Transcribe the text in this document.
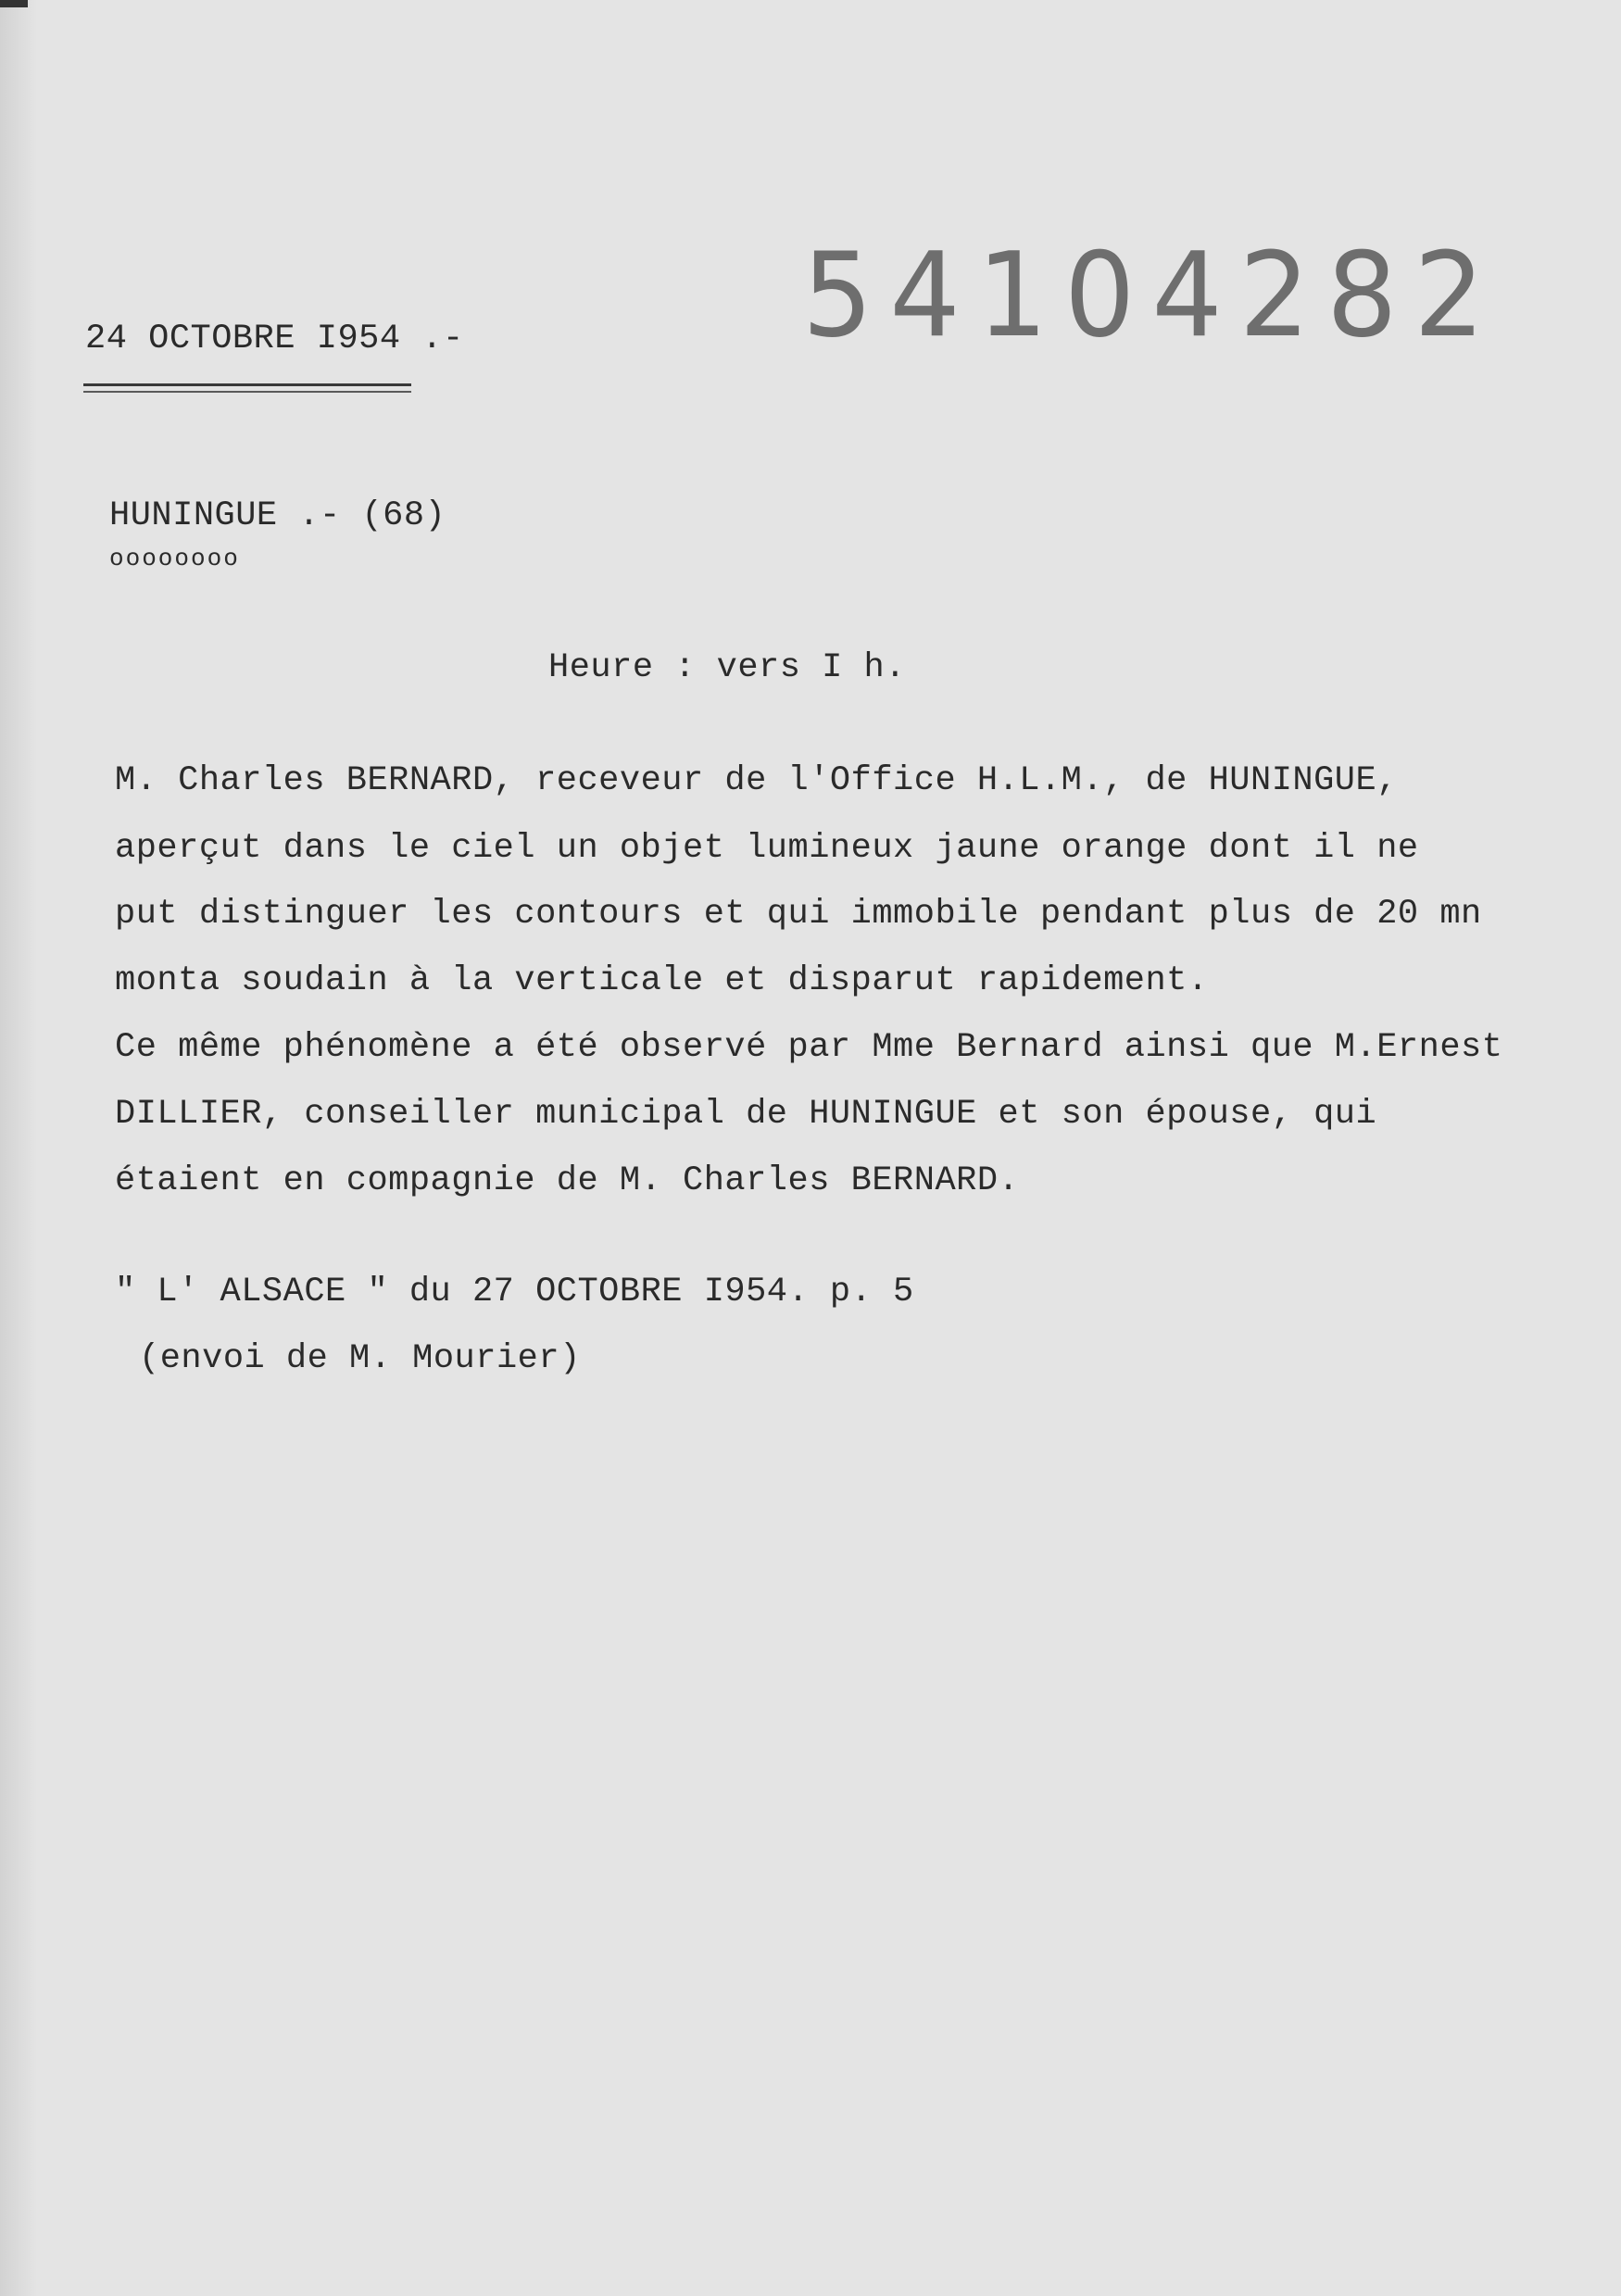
24 OCTOBRE I954 .-	54104282

HUNINGUE .- (68)

oooooooo

Heure : vers I h.

M. Charles BERNARD, receveur de l'Office H.L.M., de HUNINGUE,

aperçut dans le ciel un objet lumineux jaune orange dont il ne

put distinguer les contours et qui immobile pendant plus de 20 mn

monta soudain à la verticale et disparut rapidement.

Ce même phénomène a été observé par Mme Bernard ainsi que M.Ernest

DILLIER, conseiller municipal de HUNINGUE et son épouse, qui

étaient en compagnie de M. Charles BERNARD.

" L' ALSACE " du 27 OCTOBRE I954. p. 5

(envoi de M. Mourier)
